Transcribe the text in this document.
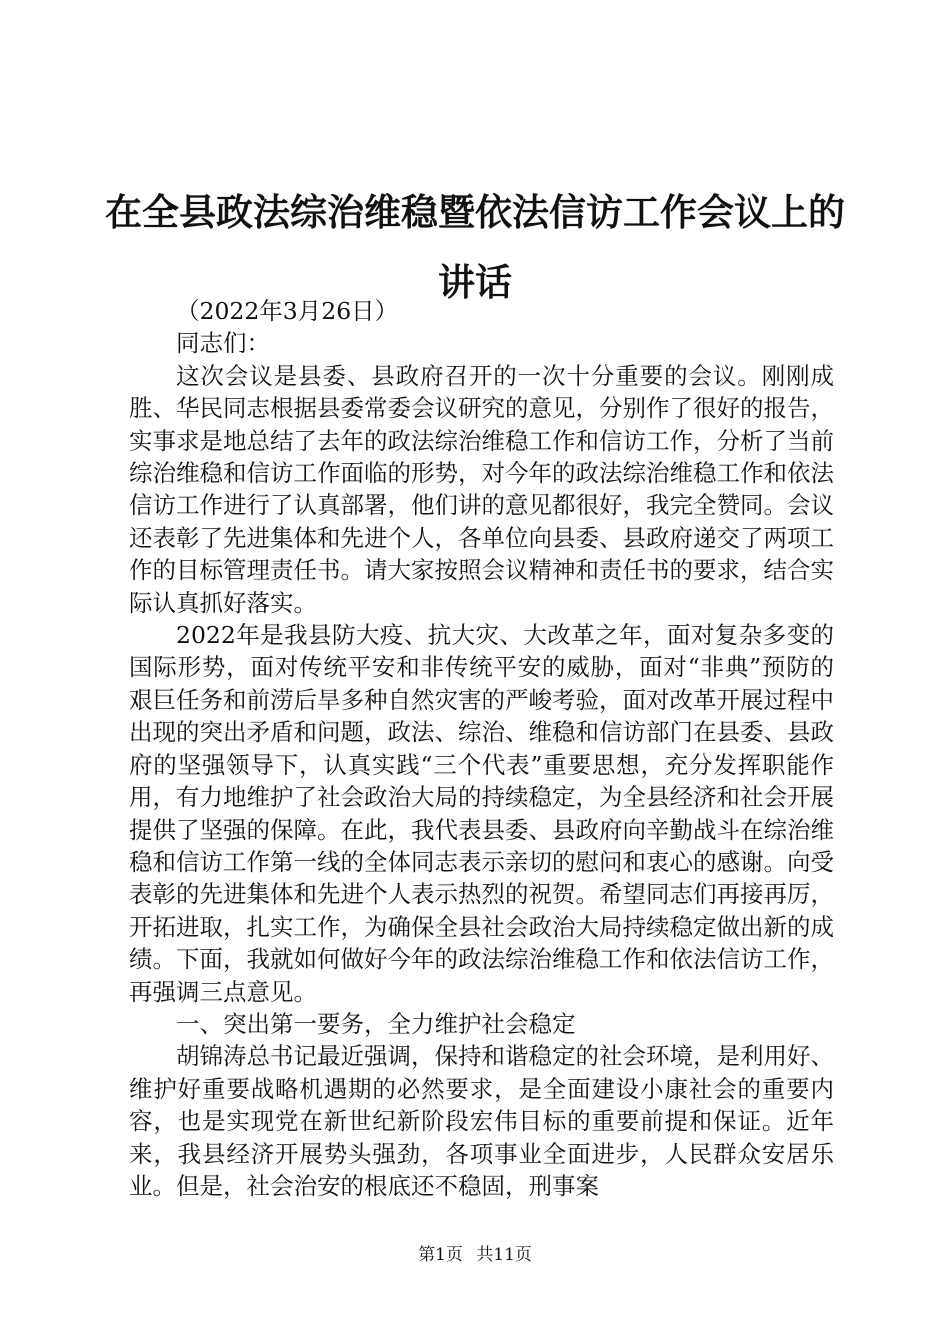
在全县政法综治维稳暨依法信访工作会议上的讲话

（2022年3月26日）

同志们：

这次会议是县委、县政府召开的一次十分重要的会议。刚刚成胜、华民同志根据县委常委会议研究的意见，分别作了很好的报告，实事求是地总结了去年的政法综治维稳工作和信访工作，分析了当前综治维稳和信访工作面临的形势，对今年的政法综治维稳工作和依法信访工作进行了认真部署，他们讲的意见都很好，我完全赞同。会议还表彰了先进集体和先进个人，各单位向县委、县政府递交了两项工作的目标管理责任书。请大家按照会议精神和责任书的要求，结合实际认真抓好落实。

2022年是我县防大疫、抗大灾、大改革之年，面对复杂多变的国际形势，面对传统平安和非传统平安的威胁，面对“非典”预防的艰巨任务和前涝后旱多种自然灾害的严峻考验，面对改革开展过程中出现的突出矛盾和问题，政法、综治、维稳和信访部门在县委、县政府的坚强领导下，认真实践“三个代表”重要思想，充分发挥职能作用，有力地维护了社会政治大局的持续稳定，为全县经济和社会开展提供了坚强的保障。在此，我代表县委、县政府向辛勤战斗在综治维稳和信访工作第一线的全体同志表示亲切的慰问和衷心的感谢。向受表彰的先进集体和先进个人表示热烈的祝贺。希望同志们再接再厉，开拓进取，扎实工作，为确保全县社会政治大局持续稳定做出新的成绩。下面，我就如何做好今年的政法综治维稳工作和依法信访工作，再强调三点意见。

一、突出第一要务，全力维护社会稳定

胡锦涛总书记最近强调，保持和谐稳定的社会环境，是利用好、维护好重要战略机遇期的必然要求，是全面建设小康社会的重要内容，也是实现党在新世纪新阶段宏伟目标的重要前提和保证。近年来，我县经济开展势头强劲，各项事业全面进步，人民群众安居乐业。但是，社会治安的根底还不稳固，刑事案

第1页 共11页
